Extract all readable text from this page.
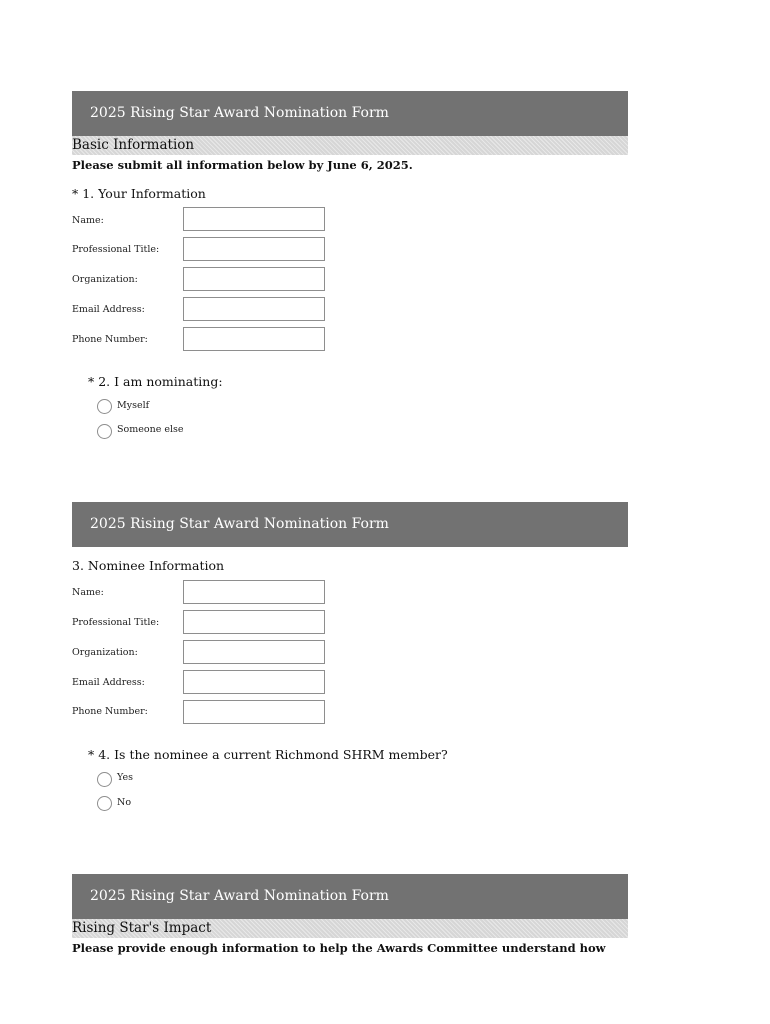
2025 Rising Star Award Nomination Form
Basic Information
Please submit all information below by June 6, 2025.
* 1. Your Information
Name:
Professional Title:
Organization:
Email Address:
Phone Number:
* 2. I am nominating:
Myself
Someone else
2025 Rising Star Award Nomination Form
3. Nominee Information
Name:
Professional Title:
Organization:
Email Address:
Phone Number:
* 4. Is the nominee a current Richmond SHRM member?
Yes
No
2025 Rising Star Award Nomination Form
Rising Star's Impact
Please provide enough information to help the Awards Committee understand how
